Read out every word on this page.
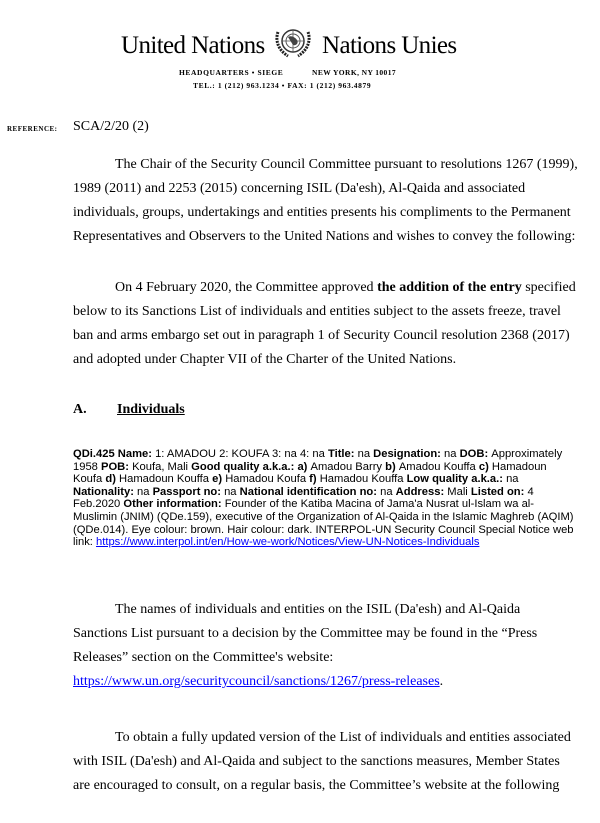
United Nations Nations Unies
HEADQUARTERS • SIEGE	NEW YORK, NY 10017
TEL.: 1 (212) 963.1234 • FAX: 1 (212) 963.4879
REFERENCE: SCA/2/20 (2)
The Chair of the Security Council Committee pursuant to resolutions 1267 (1999), 1989 (2011) and 2253 (2015) concerning ISIL (Da'esh), Al-Qaida and associated individuals, groups, undertakings and entities presents his compliments to the Permanent Representatives and Observers to the United Nations and wishes to convey the following:
On 4 February 2020, the Committee approved the addition of the entry specified below to its Sanctions List of individuals and entities subject to the assets freeze, travel ban and arms embargo set out in paragraph 1 of Security Council resolution 2368 (2017) and adopted under Chapter VII of the Charter of the United Nations.
A. Individuals
QDi.425 Name: 1: AMADOU 2: KOUFA 3: na 4: na Title: na Designation: na DOB: Approximately 1958 POB: Koufa, Mali Good quality a.k.a.: a) Amadou Barry b) Amadou Kouffa c) Hamadoun Koufa d) Hamadoun Kouffa e) Hamadou Koufa f) Hamadou Kouffa Low quality a.k.a.: na Nationality: na Passport no: na National identification no: na Address: Mali Listed on: 4 Feb.2020 Other information: Founder of the Katiba Macina of Jama'a Nusrat ul-Islam wa al-Muslimin (JNIM) (QDe.159), executive of the Organization of Al-Qaida in the Islamic Maghreb (AQIM) (QDe.014). Eye colour: brown. Hair colour: dark. INTERPOL-UN Security Council Special Notice web link: https://www.interpol.int/en/How-we-work/Notices/View-UN-Notices-Individuals
The names of individuals and entities on the ISIL (Da'esh) and Al-Qaida Sanctions List pursuant to a decision by the Committee may be found in the “Press Releases” section on the Committee's website: https://www.un.org/securitycouncil/sanctions/1267/press-releases.
To obtain a fully updated version of the List of individuals and entities associated with ISIL (Da'esh) and Al-Qaida and subject to the sanctions measures, Member States are encouraged to consult, on a regular basis, the Committee’s website at the following
